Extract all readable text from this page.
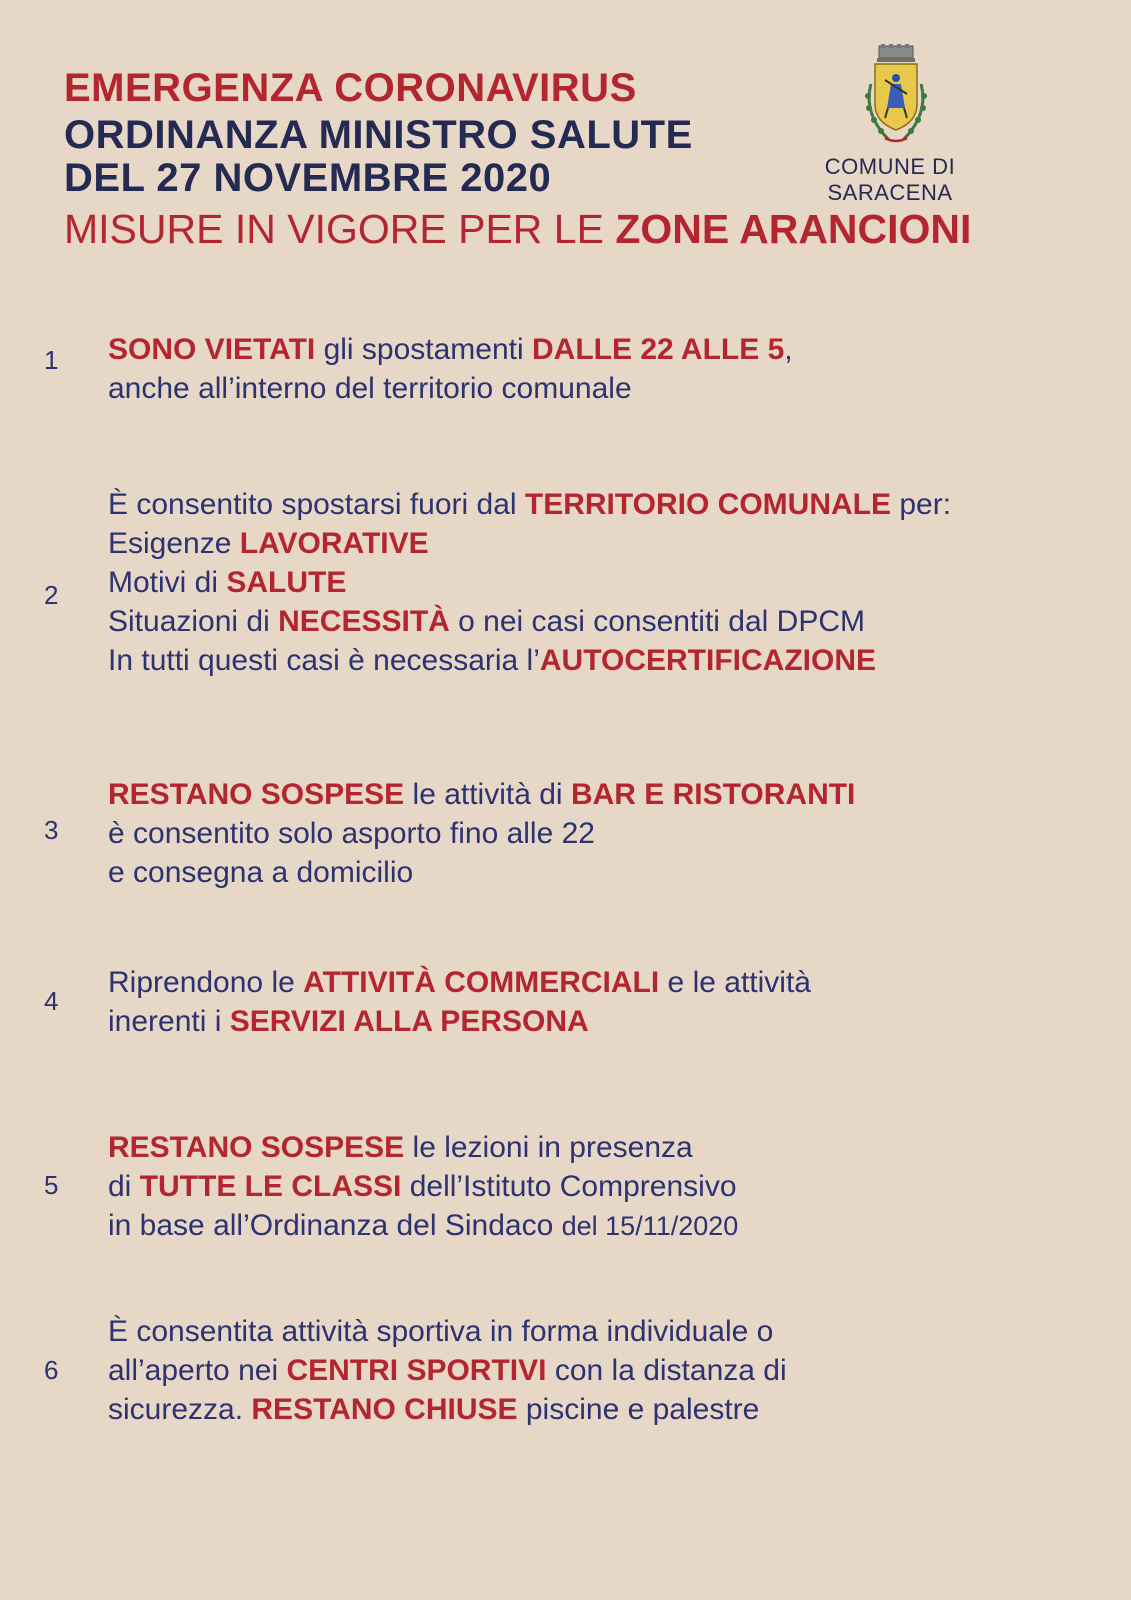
EMERGENZA CORONAVIRUS
ORDINANZA MINISTRO SALUTE
DEL 27 NOVEMBRE 2020
MISURE IN VIGORE PER LE ZONE ARANCIONI
COMUNE DI SARACENA
1	SONO VIETATI gli spostamenti DALLE 22 ALLE 5,
anche all’interno del territorio comunale
2
È consentito spostarsi fuori dal TERRITORIO COMUNALE per:
Esigenze LAVORATIVE
Motivi di SALUTE
Situazioni di NECESSITÀ o nei casi consentiti dal DPCM
In tutti questi casi è necessaria l’AUTOCERTIFICAZIONE
3
RESTANO SOSPESE le attività di BAR E RISTORANTI
è consentito solo asporto fino alle 22
e consegna a domicilio
4
Riprendono le ATTIVITÀ COMMERCIALI e le attività
inerenti i SERVIZI ALLA PERSONA
5
RESTANO SOSPESE le lezioni in presenza
di TUTTE LE CLASSI dell’Istituto Comprensivo
in base all’Ordinanza del Sindaco del 15/11/2020
6
È consentita attività sportiva in forma individuale o
all’aperto nei CENTRI SPORTIVI con la distanza di
sicurezza. RESTANO CHIUSE piscine e palestre
